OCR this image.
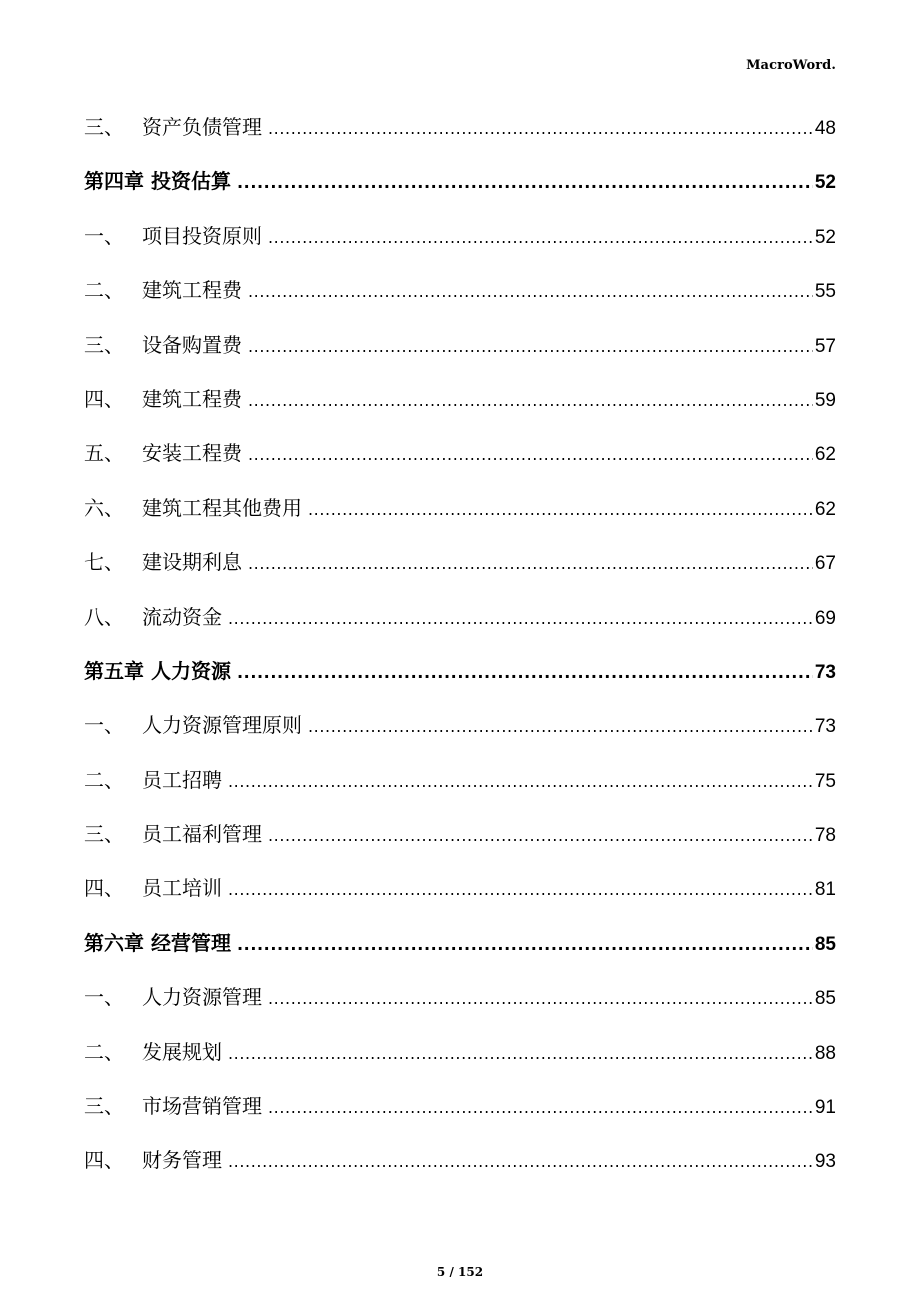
MacroWord.
三、 资产负债管理 .....	48
第四章 投资估算 .....	52
一、 项目投资原则 .....	52
二、 建筑工程费 .....	55
三、 设备购置费 .....	57
四、 建筑工程费 .....	59
五、 安装工程费 .....	62
六、 建筑工程其他费用 .....	62
七、 建设期利息 .....	67
八、 流动资金 .....	69
第五章 人力资源 .....	73
一、 人力资源管理原则 .....	73
二、 员工招聘 .....	75
三、 员工福利管理 .....	78
四、 员工培训 .....	81
第六章 经营管理 .....	85
一、 人力资源管理 .....	85
二、 发展规划 .....	88
三、 市场营销管理 .....	91
四、 财务管理 .....	93
5 / 152
